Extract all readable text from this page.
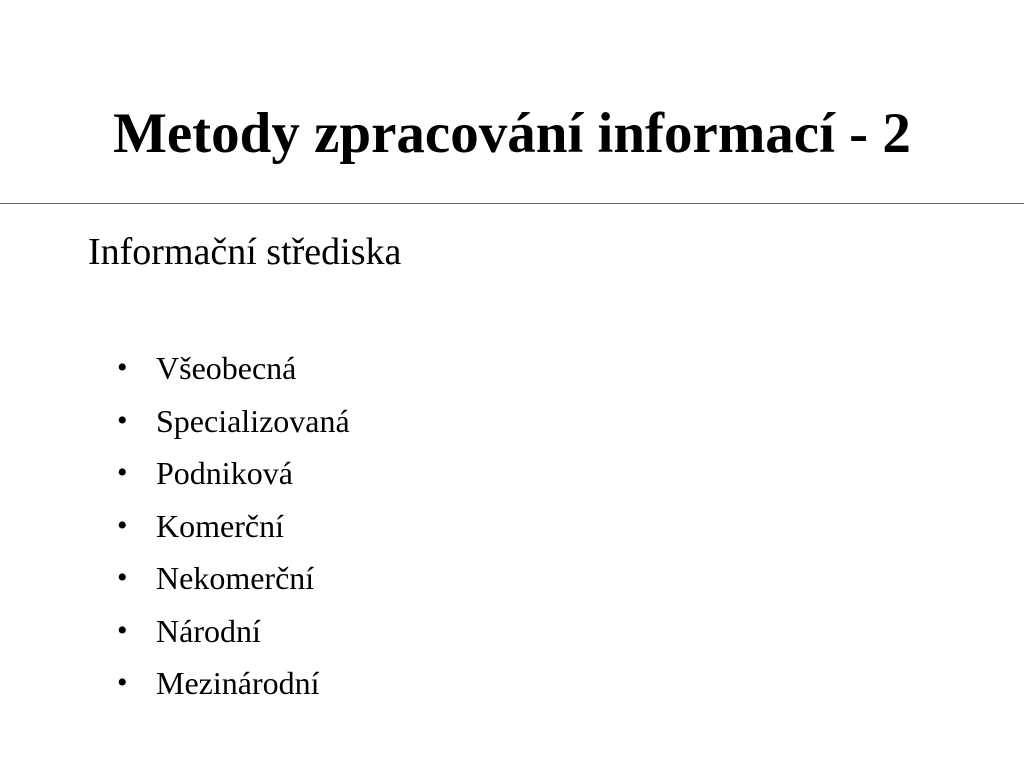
Metody zpracování informací - 2
Informační střediska
• Všeobecná
• Specializovaná
• Podniková
• Komerční
• Nekomerční
• Národní
• Mezinárodní
